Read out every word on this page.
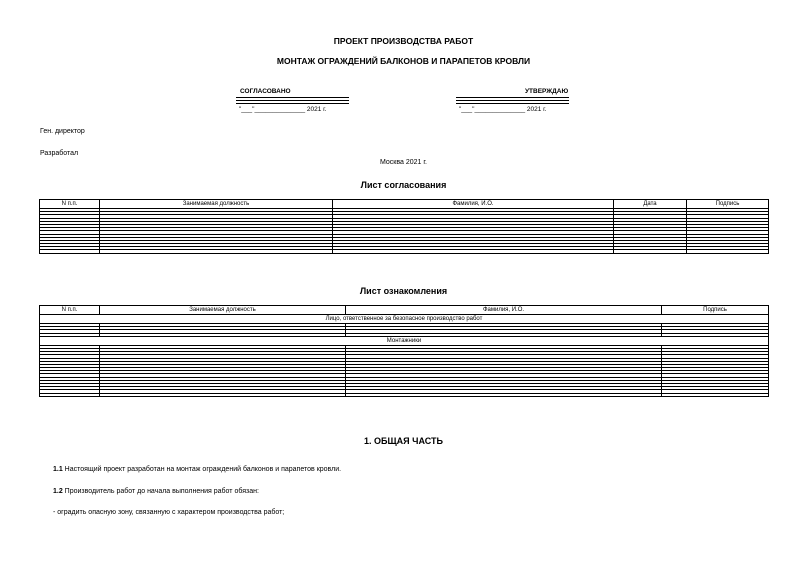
ПРОЕКТ ПРОИЗВОДСТВА РАБОТ
МОНТАЖ ОГРАЖДЕНИЙ БАЛКОНОВ И ПАРАПЕТОВ КРОВЛИ
СОГЛАСОВАНО	УТВЕРЖДАЮ
"___"______________ 2021 г.	"___"______________ 2021 г.
Ген. директор
Разработал
Москва 2021 г.
Лист согласования
N п.п.	Занимаемая должность	Фамилия, И.О.	Дата	Подпись

Лист ознакомления
N п.п.	Занимаемая должность	Фамилия, И.О.	Подпись
Лицо, ответственное за безопасное производство работ			

Монтажники			

1. ОБЩАЯ ЧАСТЬ
1.1 Настоящий проект разработан на монтаж ограждений балконов и парапетов кровли.
1.2 Производитель работ до начала выполнения работ обязан:
- оградить опасную зону, связанную с характером производства работ;
